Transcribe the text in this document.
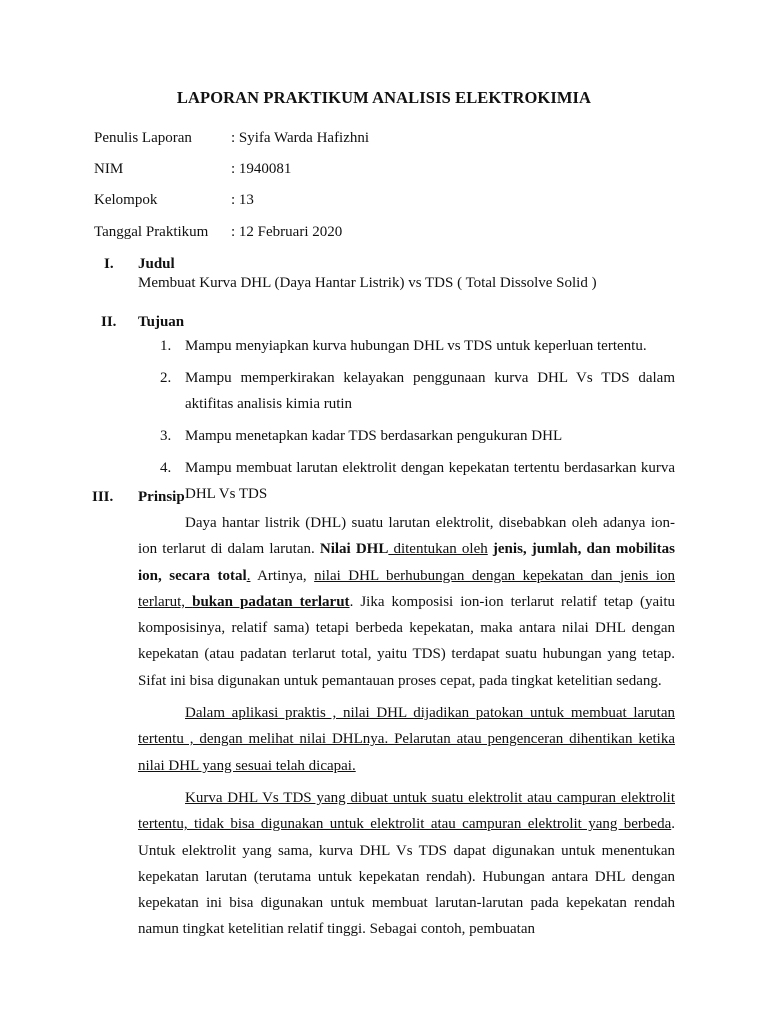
LAPORAN PRAKTIKUM ANALISIS ELEKTROKIMIA
Penulis Laporan	: Syifa Warda Hafizhni
NIM	: 1940081
Kelompok	: 13
Tanggal Praktikum : 12 Februari 2020
I. Judul
Membuat Kurva DHL (Daya Hantar Listrik) vs TDS ( Total Dissolve Solid )
II. Tujuan
1. Mampu menyiapkan kurva hubungan DHL vs TDS untuk keperluan tertentu.
2. Mampu memperkirakan kelayakan penggunaan kurva DHL Vs TDS dalam aktifitas analisis kimia rutin
3. Mampu menetapkan kadar TDS berdasarkan pengukuran DHL
4. Mampu membuat larutan elektrolit dengan kepekatan tertentu berdasarkan kurva DHL Vs TDS
III. Prinsip

Daya hantar listrik (DHL) suatu larutan elektrolit, disebabkan oleh adanya ion-ion terlarut di dalam larutan. Nilai DHL ditentukan oleh jenis, jumlah, dan mobilitas ion, secara total. Artinya, nilai DHL berhubungan dengan kepekatan dan jenis ion terlarut, bukan padatan terlarut. Jika komposisi ion-ion terlarut relatif tetap (yaitu komposisinya, relatif sama) tetapi berbeda kepekatan, maka antara nilai DHL dengan kepekatan (atau padatan terlarut total, yaitu TDS) terdapat suatu hubungan yang tetap. Sifat ini bisa digunakan untuk pemantauan proses cepat, pada tingkat ketelitian sedang.

Dalam aplikasi praktis , nilai DHL dijadikan patokan untuk membuat larutan tertentu , dengan melihat nilai DHLnya. Pelarutan atau pengenceran dihentikan ketika nilai DHL yang sesuai telah dicapai.

Kurva DHL Vs TDS yang dibuat untuk suatu elektrolit atau campuran elektrolit tertentu, tidak bisa digunakan untuk elektrolit atau campuran elektrolit yang berbeda. Untuk elektrolit yang sama, kurva DHL Vs TDS dapat digunakan untuk menentukan kepekatan larutan (terutama untuk kepekatan rendah). Hubungan antara DHL dengan kepekatan ini bisa digunakan untuk membuat larutan-larutan pada kepekatan rendah namun tingkat ketelitian relatif tinggi. Sebagai contoh, pembuatan
